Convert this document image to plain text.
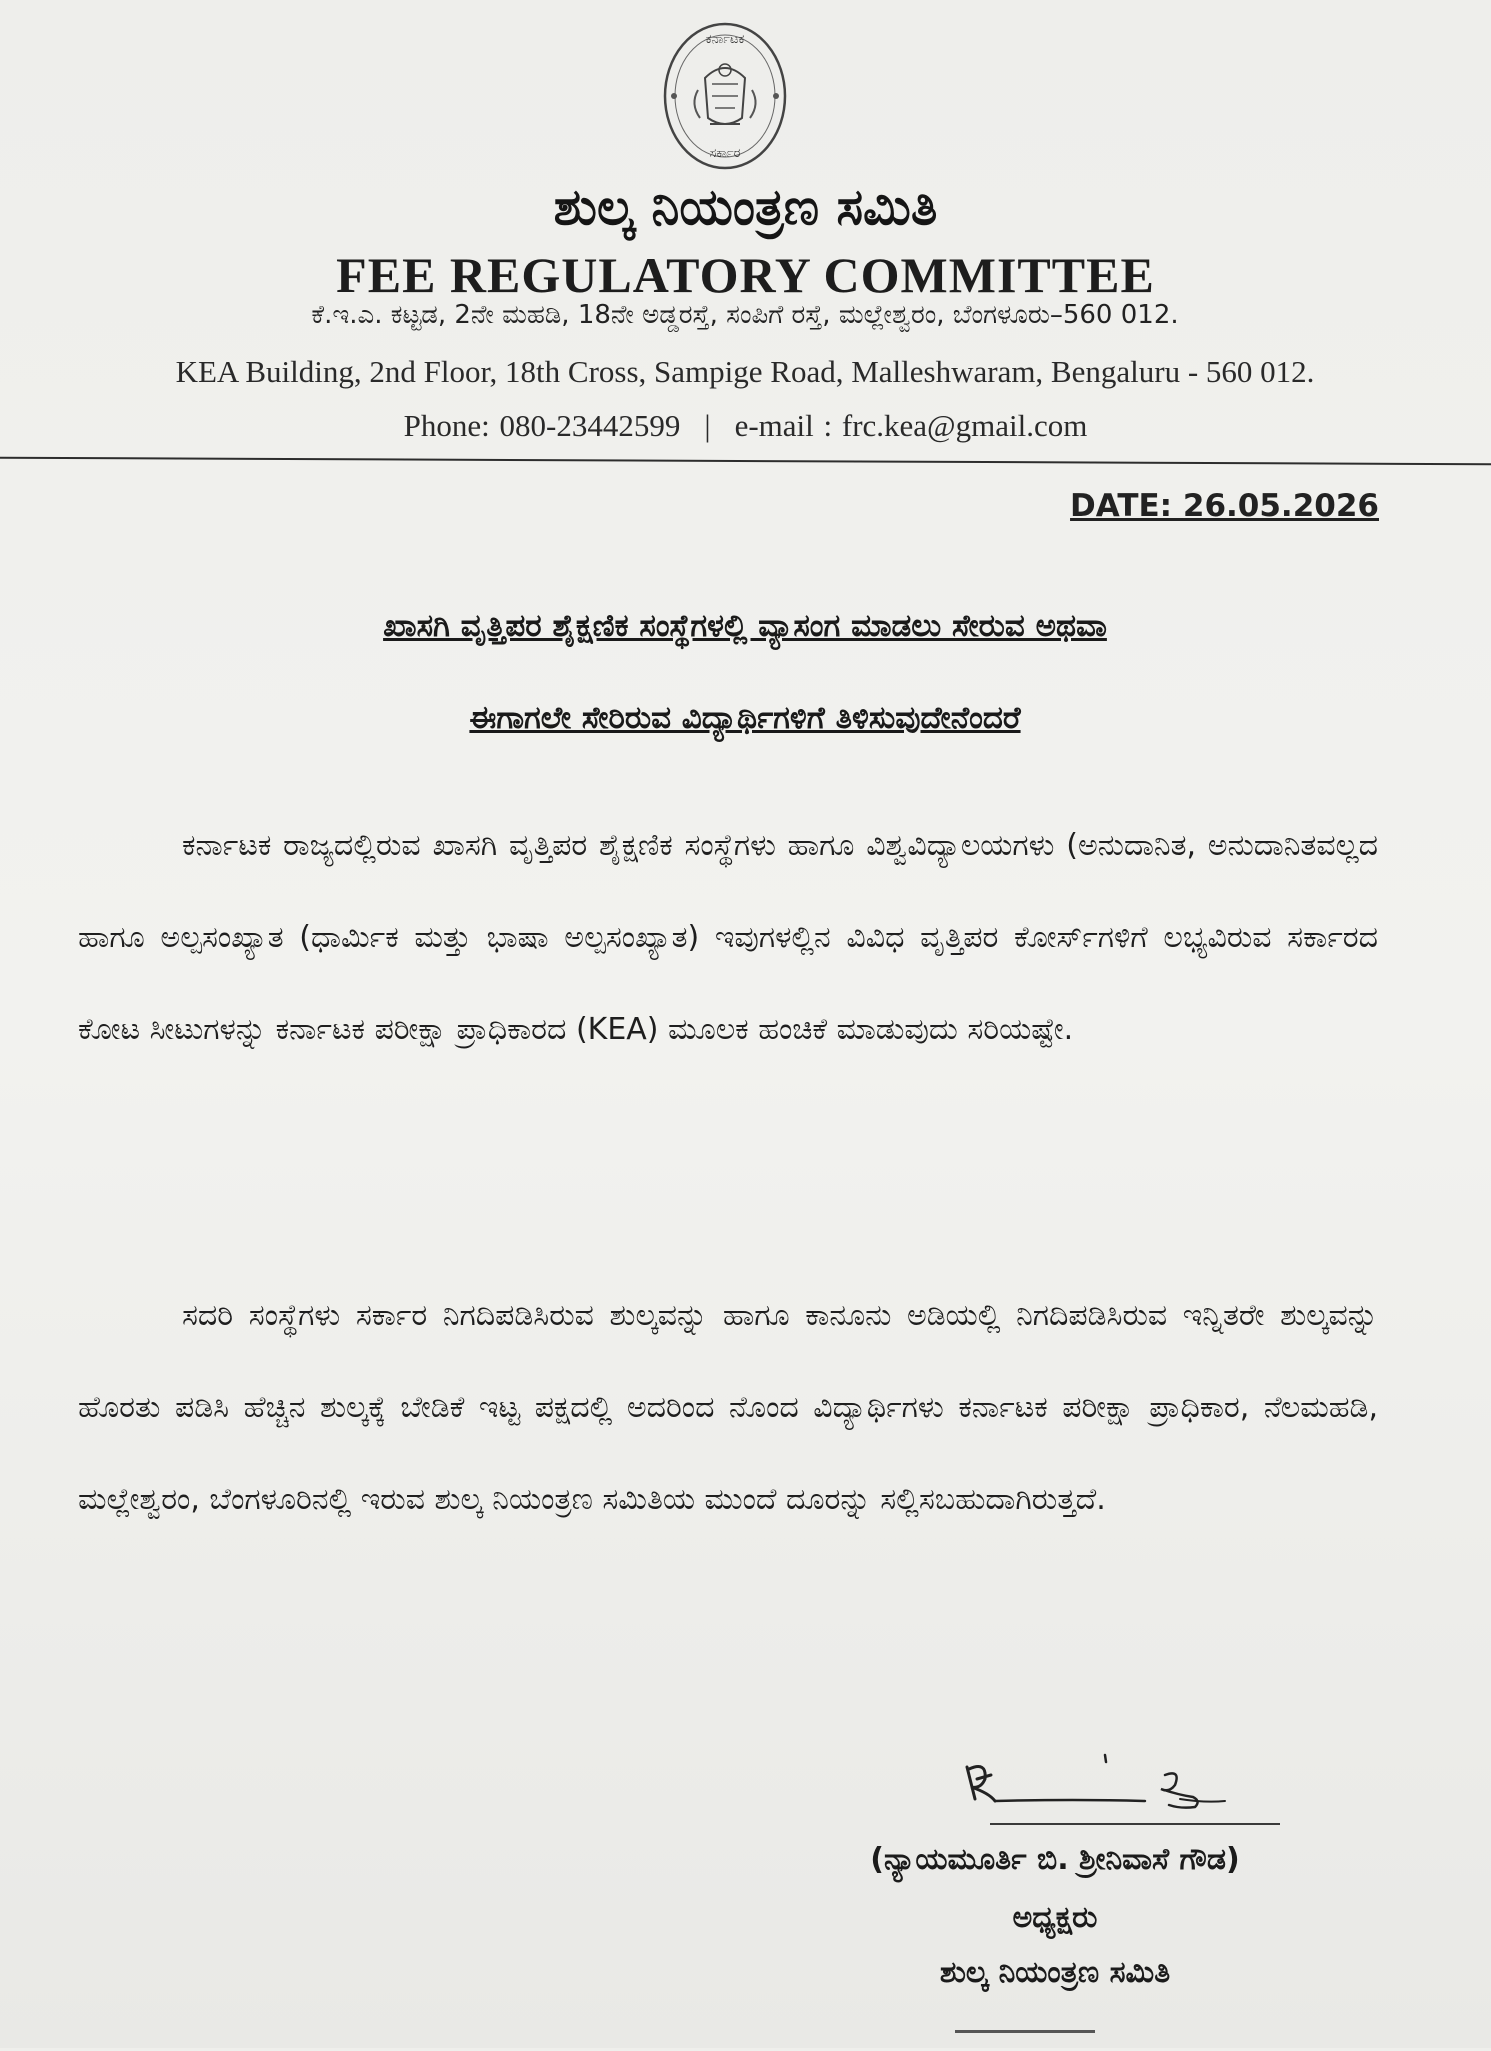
ಕರ್ನಾಟಕ
ಸರ್ಕಾರ
ಶುಲ್ಕ ನಿಯಂತ್ರಣ ಸಮಿತಿ
FEE REGULATORY COMMITTEE
ಕೆ.ಇ.ಎ. ಕಟ್ಟಡ, 2ನೇ ಮಹಡಿ, 18ನೇ ಅಡ್ಡರಸ್ತೆ, ಸಂಪಿಗೆ ರಸ್ತೆ, ಮಲ್ಲೇಶ್ವರಂ, ಬೆಂಗಳೂರು–560 012.
KEA Building, 2nd Floor, 18th Cross, Sampige Road, Malleshwaram, Bengaluru - 560 012.
Phone: 080-23442599 | e-mail : frc.kea@gmail.com
DATE: 26.05.2026
ಖಾಸಗಿ ವೃತ್ತಿಪರ ಶೈಕ್ಷಣಿಕ ಸಂಸ್ಥೆಗಳಲ್ಲಿ ವ್ಯಾಸಂಗ ಮಾಡಲು ಸೇರುವ ಅಥವಾ
ಈಗಾಗಲೇ ಸೇರಿರುವ ವಿದ್ಯಾರ್ಥಿಗಳಿಗೆ ತಿಳಿಸುವುದೇನೆಂದರೆ

ಕರ್ನಾಟಕ ರಾಜ್ಯದಲ್ಲಿರುವ ಖಾಸಗಿ ವೃತ್ತಿಪರ ಶೈಕ್ಷಣಿಕ ಸಂಸ್ಥೆಗಳು ಹಾಗೂ ವಿಶ್ವವಿದ್ಯಾಲಯಗಳು (ಅನುದಾನಿತ, ಅನುದಾನಿತವಲ್ಲದ ಹಾಗೂ ಅಲ್ಪಸಂಖ್ಯಾತ (ಧಾರ್ಮಿಕ ಮತ್ತು ಭಾಷಾ ಅಲ್ಪಸಂಖ್ಯಾತ) ಇವುಗಳಲ್ಲಿನ ವಿವಿಧ ವೃತ್ತಿಪರ ಕೋರ್ಸ್‌ಗಳಿಗೆ ಲಭ್ಯವಿರುವ ಸರ್ಕಾರದ ಕೋಟ ಸೀಟುಗಳನ್ನು ಕರ್ನಾಟಕ ಪರೀಕ್ಷಾ ಪ್ರಾಧಿಕಾರದ (KEA) ಮೂಲಕ ಹಂಚಿಕೆ ಮಾಡುವುದು ಸರಿಯಷ್ಟೇ.

ಸದರಿ ಸಂಸ್ಥೆಗಳು ಸರ್ಕಾರ ನಿಗದಿಪಡಿಸಿರುವ ಶುಲ್ಕವನ್ನು ಹಾಗೂ ಕಾನೂನು ಅಡಿಯಲ್ಲಿ ನಿಗದಿಪಡಿಸಿರುವ ಇನ್ನಿತರೇ ಶುಲ್ಕವನ್ನು ಹೊರತು ಪಡಿಸಿ ಹೆಚ್ಚಿನ ಶುಲ್ಕಕ್ಕೆ ಬೇಡಿಕೆ ಇಟ್ಟ ಪಕ್ಷದಲ್ಲಿ ಅದರಿಂದ ನೊಂದ ವಿದ್ಯಾರ್ಥಿಗಳು ಕರ್ನಾಟಕ ಪರೀಕ್ಷಾ ಪ್ರಾಧಿಕಾರ, ನೆಲಮಹಡಿ, ಮಲ್ಲೇಶ್ವರಂ, ಬೆಂಗಳೂರಿನಲ್ಲಿ ಇರುವ ಶುಲ್ಕ ನಿಯಂತ್ರಣ ಸಮಿತಿಯ ಮುಂದೆ ದೂರನ್ನು ಸಲ್ಲಿಸಬಹುದಾಗಿರುತ್ತದೆ.

(ನ್ಯಾಯಮೂರ್ತಿ ಬಿ. ಶ್ರೀನಿವಾಸೆ ಗೌಡ)
ಅಧ್ಯಕ್ಷರು
ಶುಲ್ಕ ನಿಯಂತ್ರಣ ಸಮಿತಿ
